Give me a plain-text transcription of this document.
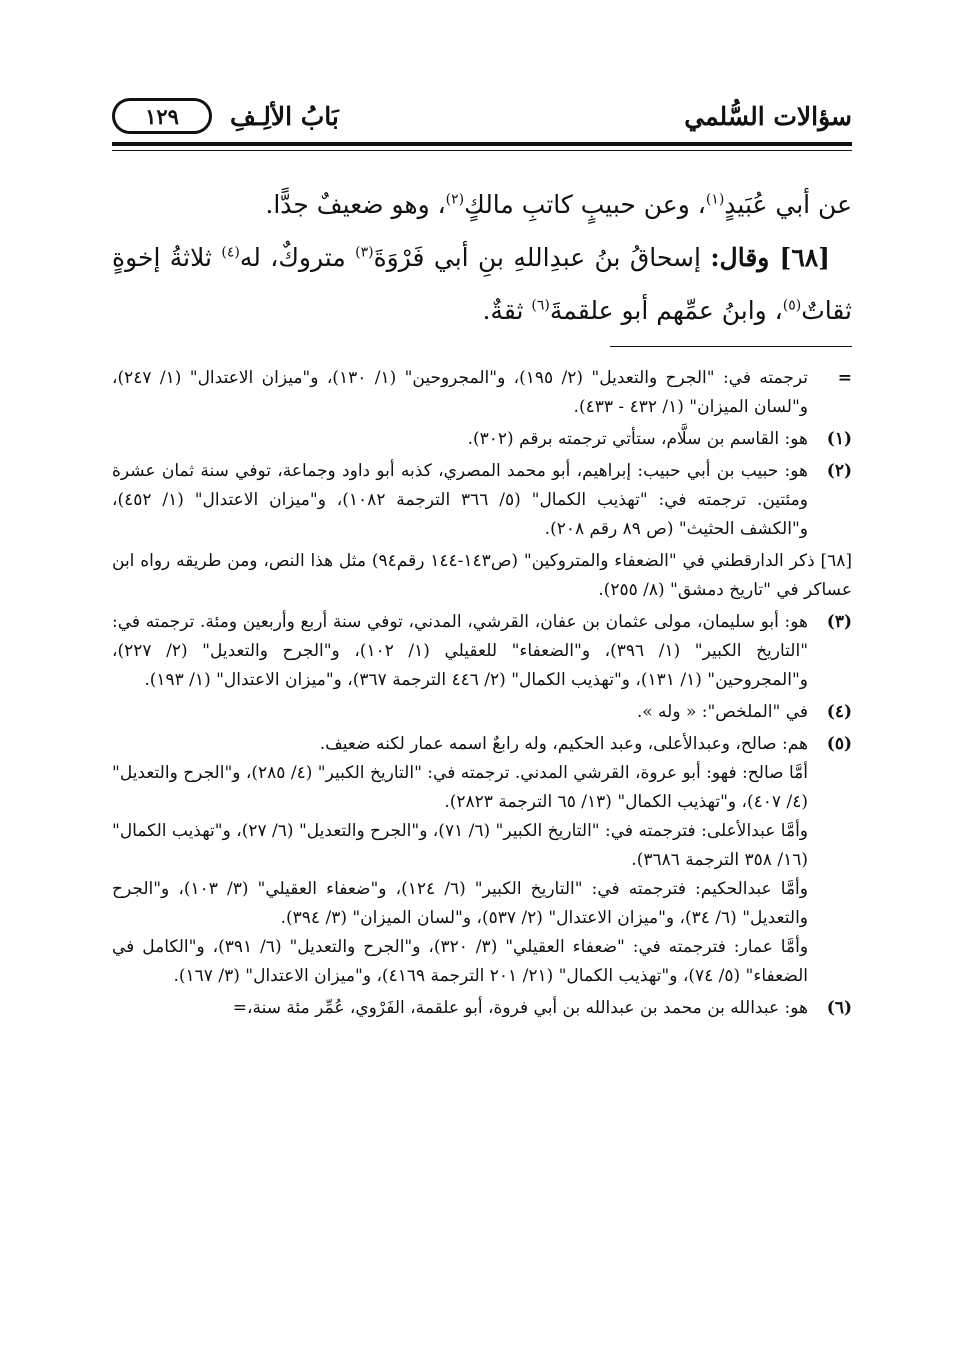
سؤالات السُّلمي
بَابُ الألِـفِ
١٢٩

عن أبي عُبَيدٍ$^{(١)}$، وعن حبيبٍ كاتبِ مالكٍ$^{(٢)}$، وهو ضعيفٌ جدًّا.

[٦٨] وقال: إسحاقُ بنُ عبدِاللهِ بنِ أبي فَرْوَةَ$^{(٣)}$ متروكٌ، له$^{(٤)}$ ثلاثةُ إخوةٍ ثقاتٌ$^{(٥)}$، وابنُ عمِّهم أبو علقمةَ$^{(٦)}$ ثقةٌ.

=

ترجمته في: "الجرح والتعديل" (٢/ ١٩٥)، و"المجروحين" (١/ ١٣٠)، و"ميزان الاعتدال" (١/ ٢٤٧)، و"لسان الميزان" (١/ ٤٣٢ - ٤٣٣).

(١)

هو: القاسم بن سلَّام، ستأتي ترجمته برقم (٣٠٢).

(٢)

هو: حبيب بن أبي حبيب: إبراهيم، أبو محمد المصري، كذبه أبو داود وجماعة، توفي سنة ثمان عشرة ومئتين. ترجمته في: "تهذيب الكمال" (٥/ ٣٦٦ الترجمة ١٠٨٢)، و"ميزان الاعتدال" (١/ ٤٥٢)، و"الكشف الحثيث" (ص ٨٩ رقم ٢٠٨).

[٦٨] ذكر الدارقطني في "الضعفاء والمتروكين" (ص١٤٣-١٤٤ رقم٩٤) مثل هذا النص، ومن طريقه رواه ابن عساكر في "تاريخ دمشق" (٨/ ٢٥٥).

(٣)

هو: أبو سليمان، مولى عثمان بن عفان، القرشي، المدني، توفي سنة أربع وأربعين ومئة. ترجمته في: "التاريخ الكبير" (١/ ٣٩٦)، و"الضعفاء" للعقيلي (١/ ١٠٢)، و"الجرح والتعديل" (٢/ ٢٢٧)، و"المجروحين" (١/ ١٣١)، و"تهذيب الكمال" (٢/ ٤٤٦ الترجمة ٣٦٧)، و"ميزان الاعتدال" (١/ ١٩٣).

(٤)

في "الملخص": « وله ».

(٥)

هم: صالح، وعبدالأعلى، وعبد الحكيم، وله رابعٌ اسمه عمار لكنه ضعيف.

أمَّا صالح: فهو: أبو عروة، القرشي المدني. ترجمته في: "التاريخ الكبير" (٤/ ٢٨٥)، و"الجرح والتعديل" (٤/ ٤٠٧)، و"تهذيب الكمال" (١٣/ ٦٥ الترجمة ٢٨٢٣).

وأمَّا عبدالأعلى: فترجمته في: "التاريخ الكبير" (٦/ ٧١)، و"الجرح والتعديل" (٦/ ٢٧)، و"تهذيب الكمال" (١٦/ ٣٥٨ الترجمة ٣٦٨٦).

وأمَّا عبدالحكيم: فترجمته في: "التاريخ الكبير" (٦/ ١٢٤)، و"ضعفاء العقيلي" (٣/ ١٠٣)، و"الجرح والتعديل" (٦/ ٣٤)، و"ميزان الاعتدال" (٢/ ٥٣٧)، و"لسان الميزان" (٣/ ٣٩٤).

وأمَّا عمار: فترجمته في: "ضعفاء العقيلي" (٣/ ٣٢٠)، و"الجرح والتعديل" (٦/ ٣٩١)، و"الكامل في الضعفاء" (٥/ ٧٤)، و"تهذيب الكمال" (٢١/ ٢٠١ الترجمة ٤١٦٩)، و"ميزان الاعتدال" (٣/ ١٦٧).

(٦)

هو: عبدالله بن محمد بن عبدالله بن أبي فروة، أبو علقمة، الفَرْوي، عُمِّر مئة سنة،=
